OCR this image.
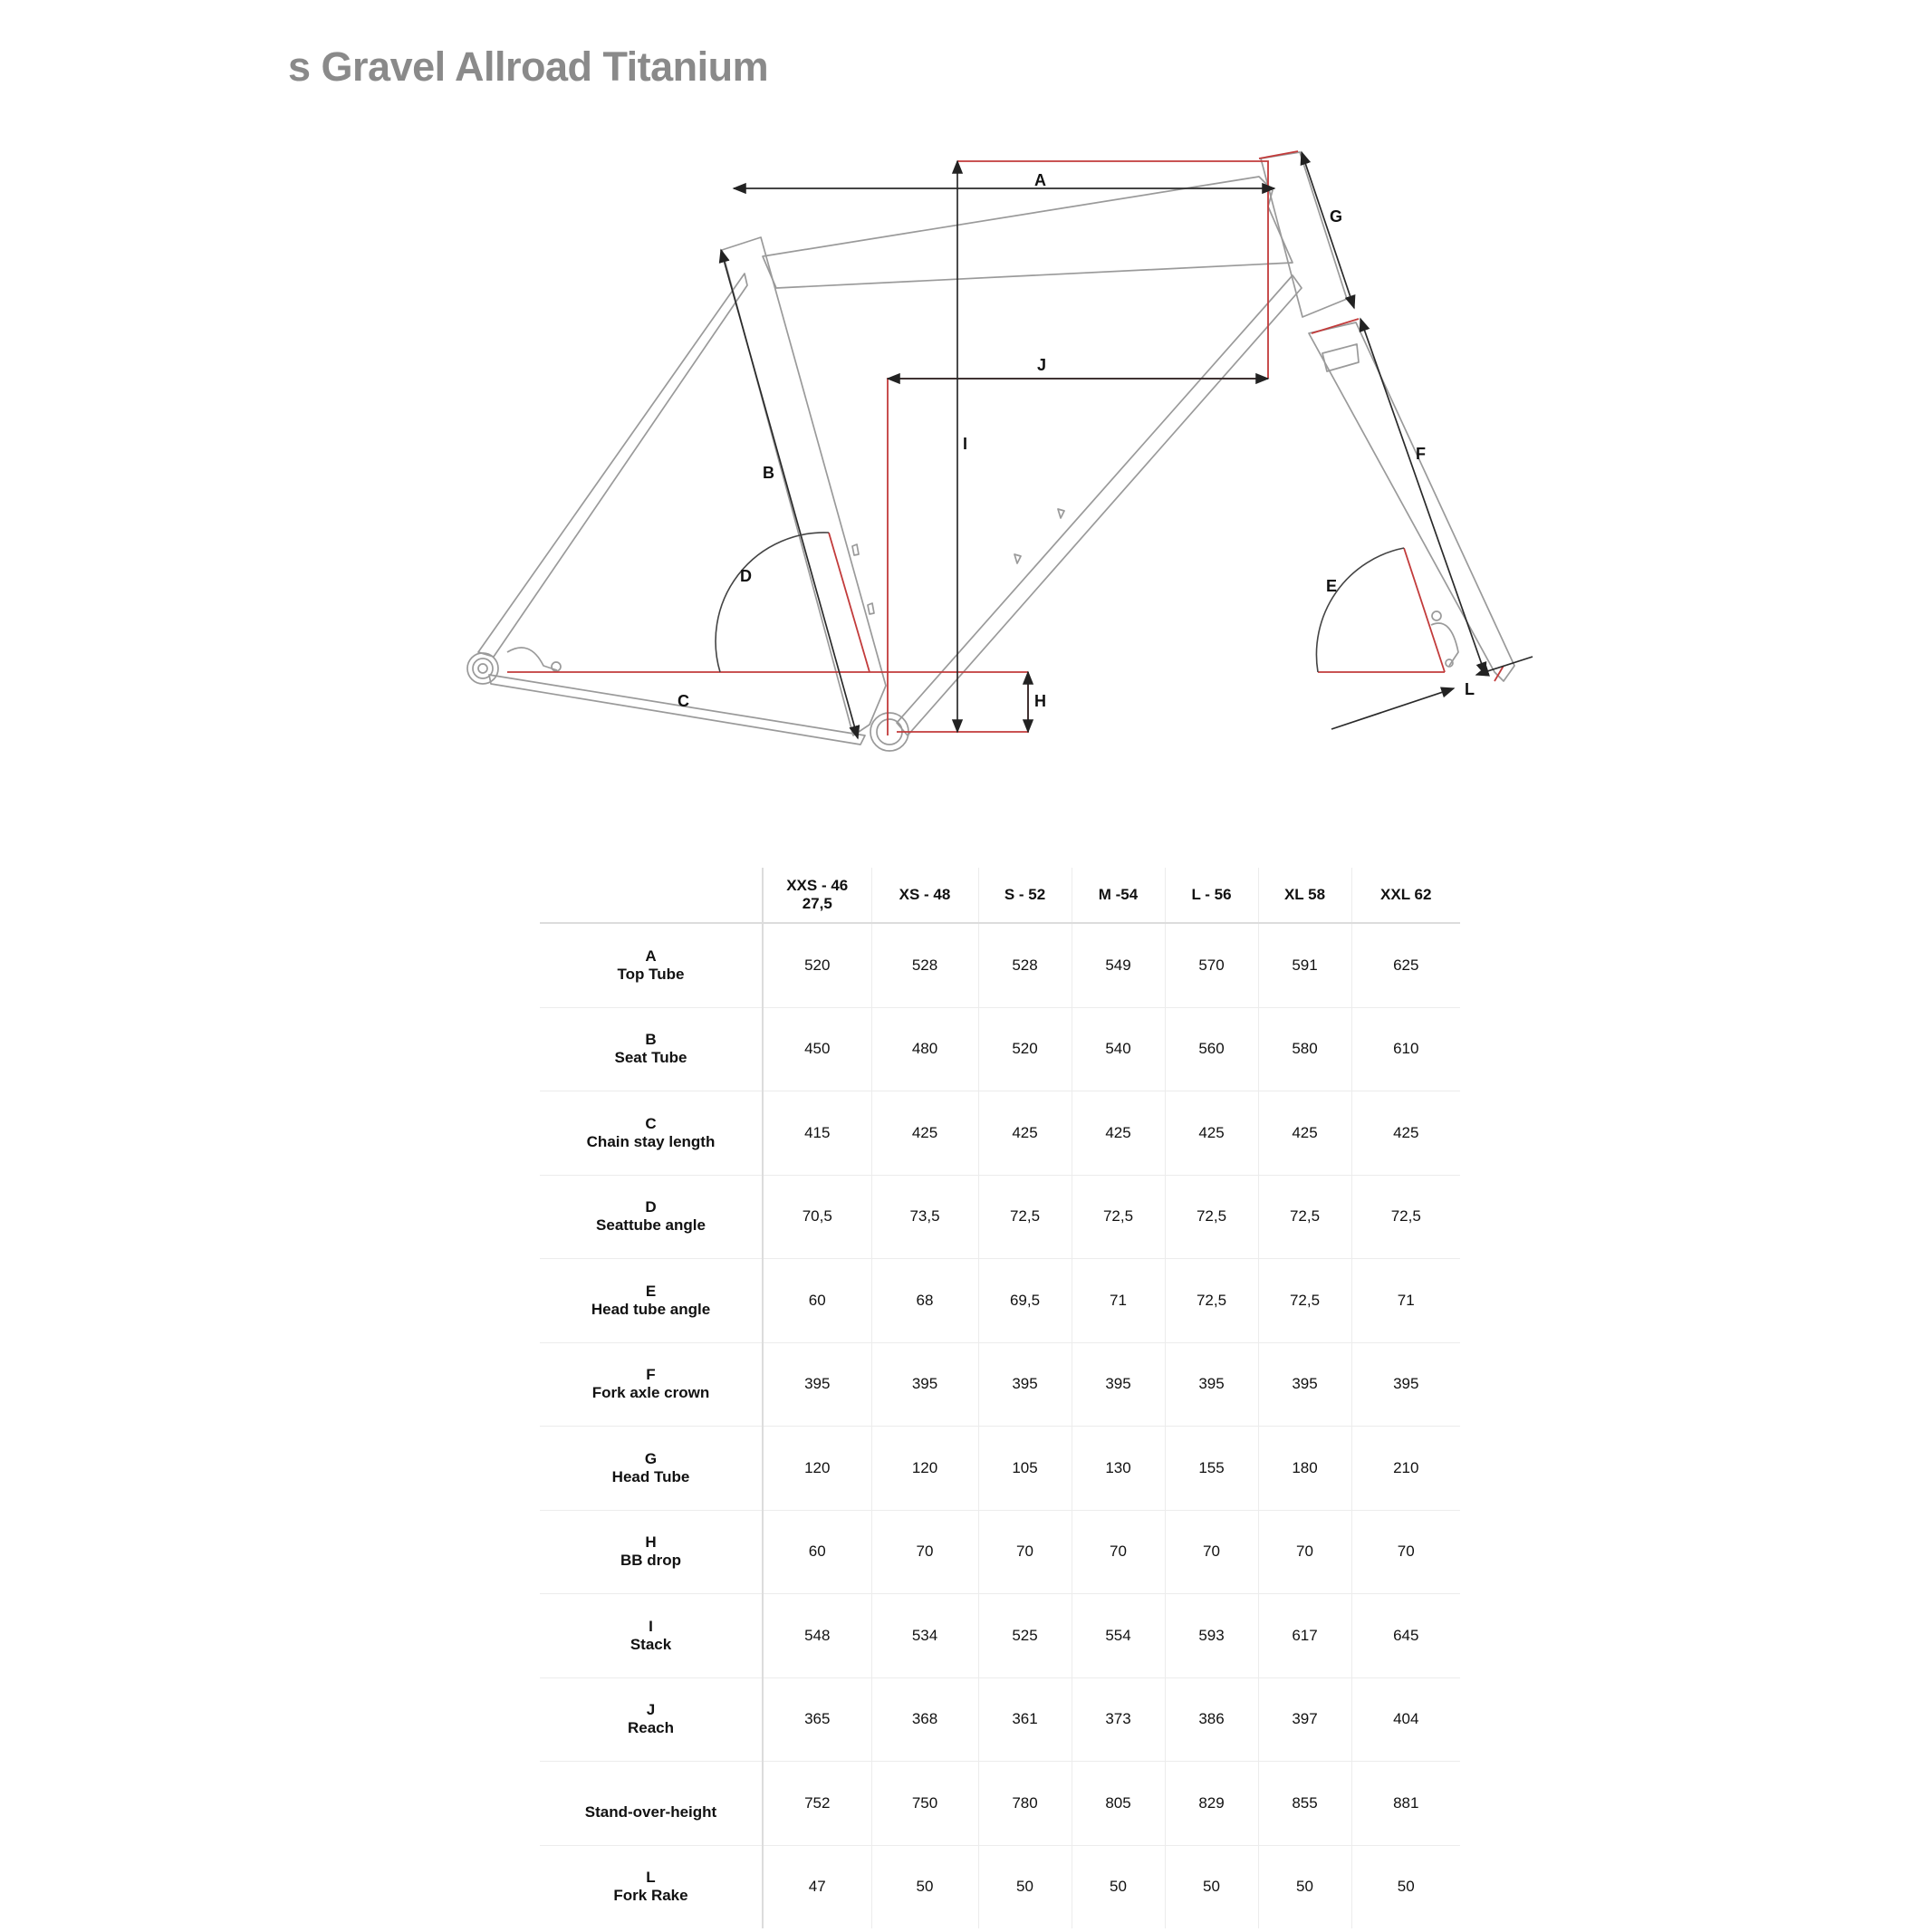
s Gravel Allroad Titanium
A
B
C
D
E
F
G
H
I
J
L

	XXS - 46
27,5	XS - 48	S - 52	M -54	L - 56	XL 58	XXL 62

A
Top Tube	520	528	528	549	570	591	625

B
Seat Tube	450	480	520	540	560	580	610

C
Chain stay length	415	425	425	425	425	425	425

D
Seattube angle	70,5	73,5	72,5	72,5	72,5	72,5	72,5

E
Head tube angle	60	68	69,5	71	72,5	72,5	71

F
Fork axle crown	395	395	395	395	395	395	395

G
Head Tube	120	120	105	130	155	180	210

H
BB drop	60	70	70	70	70	70	70

I
Stack	548	534	525	554	593	617	645

J
Reach	365	368	361	373	386	397	404

Stand-over-height	752	750	780	805	829	855	881

L
Fork Rake	47	50	50	50	50	50	50
